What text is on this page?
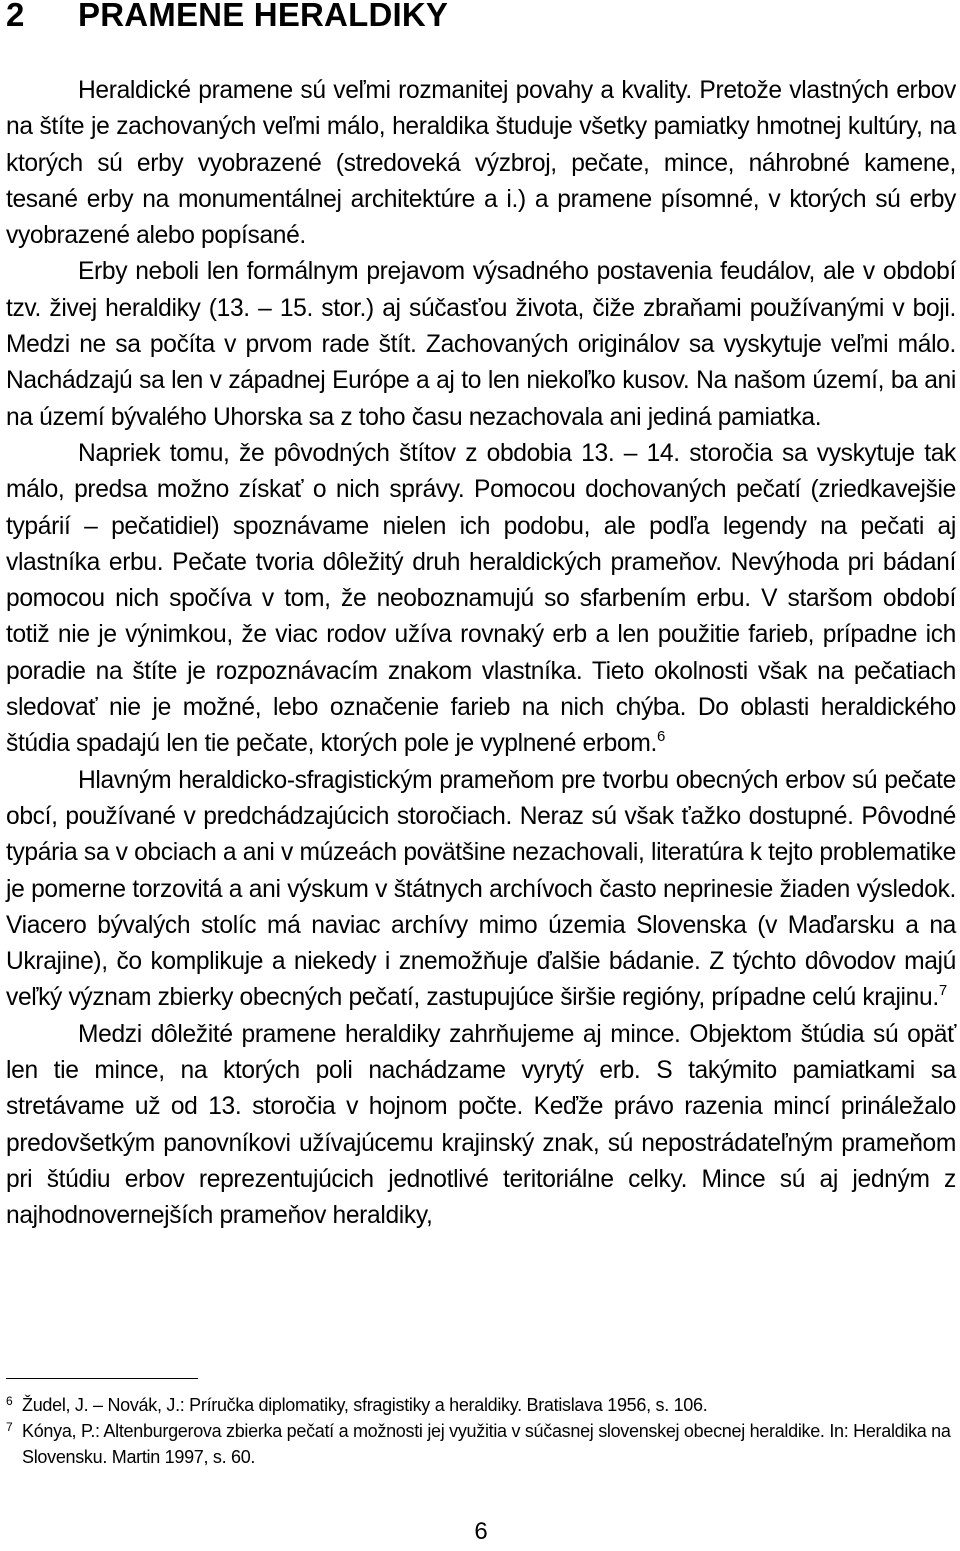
2 PRAMENE HERALDIKY

Heraldické pramene sú veľmi rozmanitej povahy a kvality. Pretože vlastných erbov na štíte je zachovaných veľmi málo, heraldika študuje všetky pamiatky hmotnej kultúry, na ktorých sú erby vyobrazené (stredoveká výzbroj, pečate, mince, náhrobné kamene, tesané erby na monumentálnej architektúre a i.) a pramene písomné, v ktorých sú erby vyobrazené alebo popísané.

Erby neboli len formálnym prejavom výsadného postavenia feudálov, ale v období tzv. živej heraldiky (13. – 15. stor.) aj súčasťou života, čiže zbraňami používanými v boji. Medzi ne sa počíta v prvom rade štít. Zachovaných originálov sa vyskytuje veľmi málo. Nachádzajú sa len v západnej Európe a aj to len niekoľko kusov. Na našom území, ba ani na území bývalého Uhorska sa z toho času nezachovala ani jediná pamiatka.

Napriek tomu, že pôvodných štítov z obdobia 13. – 14. storočia sa vyskytuje tak málo, predsa možno získať o nich správy. Pomocou dochovaných pečatí (zriedkavejšie typárií – pečatidiel) spoznávame nielen ich podobu, ale podľa legendy na pečati aj vlastníka erbu. Pečate tvoria dôležitý druh heraldických prameňov. Nevýhoda pri bádaní pomocou nich spočíva v tom, že neoboznamujú so sfarbením erbu. V staršom období totiž nie je výnimkou, že viac rodov užíva rovnaký erb a len použitie farieb, prípadne ich poradie na štíte je rozpoznávacím znakom vlastníka. Tieto okolnosti však na pečatiach sledovať nie je možné, lebo označenie farieb na nich chýba. Do oblasti heraldického štúdia spadajú len tie pečate, ktorých pole je vyplnené erbom.$^6$

Hlavným heraldicko-sfragistickým prameňom pre tvorbu obecných erbov sú pečate obcí, používané v predchádzajúcich storočiach. Neraz sú však ťažko dostupné. Pôvodné typária sa v obciach a ani v múzeách povätšine nezachovali, literatúra k tejto problematike je pomerne torzovitá a ani výskum v štátnych archívoch často neprinesie žiaden výsledok. Viacero bývalých stolíc má naviac archívy mimo územia Slovenska (v Maďarsku a na Ukrajine), čo komplikuje a niekedy i znemožňuje ďalšie bádanie. Z týchto dôvodov majú veľký význam zbierky obecných pečatí, zastupujúce širšie regióny, prípadne celú krajinu.$^7$

Medzi dôležité pramene heraldiky zahrňujeme aj mince. Objektom štúdia sú opäť len tie mince, na ktorých poli nachádzame vyrytý erb. S takýmito pamiatkami sa stretávame už od 13. storočia v hojnom počte. Keďže právo razenia mincí prináležalo predovšetkým panovníkovi užívajúcemu krajinský znak, sú nepostrádateľným prameňom pri štúdiu erbov reprezentujúcich jednotlivé teritoriálne celky. Mince sú aj jedným z najhodnovernejších prameňov heraldiky,

$^6$ Žudel, J. – Novák, J.: Príručka diplomatiky, sfragistiky a heraldiky. Bratislava 1956, s. 106.

$^7$ Kónya, P.: Altenburgerova zbierka pečatí a možnosti jej využitia v súčasnej slovenskej obecnej heraldike. In: Heraldika na Slovensku. Martin 1997, s. 60.

6
